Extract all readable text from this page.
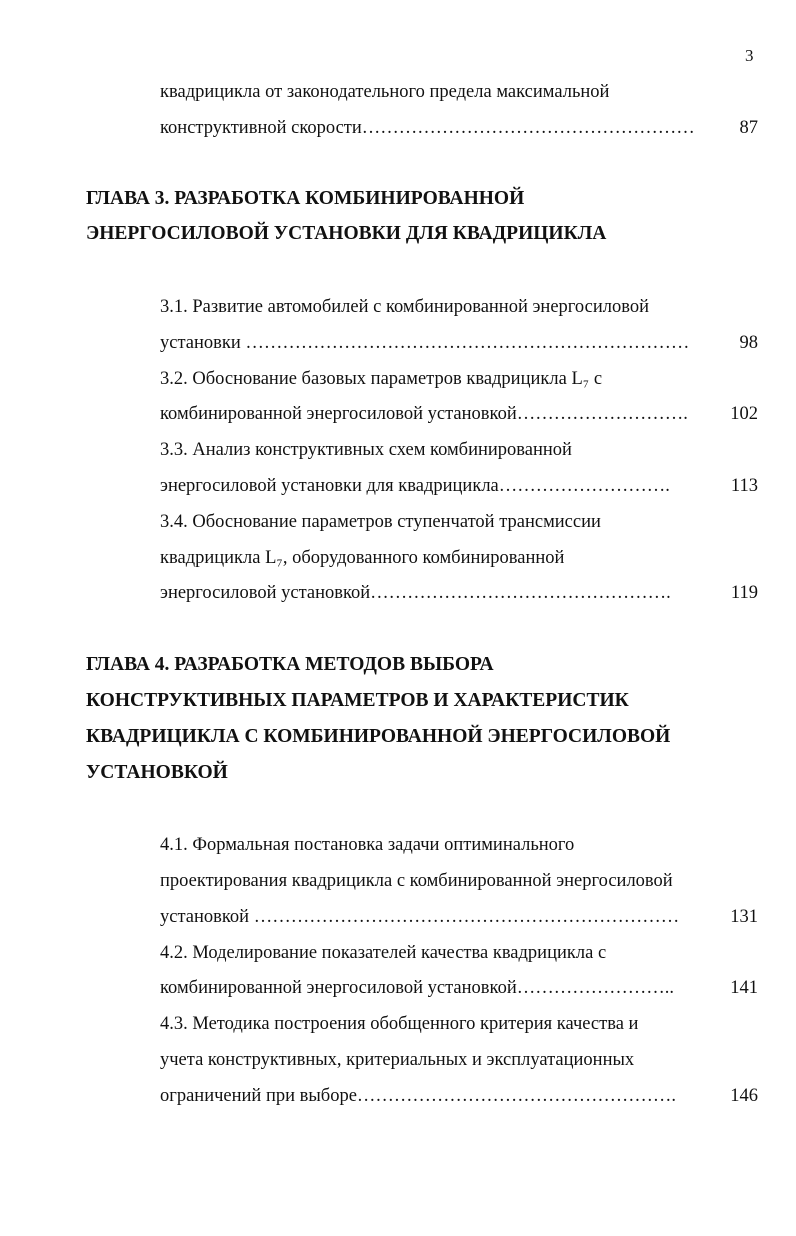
3
квадрицикла от законодательного предела максимальной
конструктивной скорости……………………………………………… 87
ГЛАВА 3. РАЗРАБОТКА КОМБИНИРОВАННОЙ
ЭНЕРГОСИЛОВОЙ УСТАНОВКИ ДЛЯ КВАДРИЦИКЛА
3.1. Развитие автомобилей с комбинированной энергосиловой
установки ………………………………………………………………	98
3.2. Обоснование базовых параметров квадрицикла L₇ с
комбинированной энергосиловой установкой………………………. 102
3.3. Анализ конструктивных схем комбинированной
энергосиловой установки для квадрицикла……………………….	113
3.4. Обоснование параметров ступенчатой трансмиссии
квадрицикла L₇, оборудованного комбинированной
энергосиловой установкой………………………………………….	119
ГЛАВА 4. РАЗРАБОТКА МЕТОДОВ ВЫБОРА
КОНСТРУКТИВНЫХ ПАРАМЕТРОВ И ХАРАКТЕРИСТИК
КВАДРИЦИКЛА С КОМБИНИРОВАННОЙ ЭНЕРГОСИЛОВОЙ
УСТАНОВКОЙ
4.1. Формальная постановка задачи оптиминального
проектирования квадрицикла с комбинированной энергосиловой
установкой ……………………………………………………………	131
4.2. Моделирование показателей качества квадрицикла с
комбинированной энергосиловой установкой……………………..	141
4.3. Методика построения обобщенного критерия качества и
учета конструктивных, критериальных и эксплуатационных
ограничений при выборе…………………………………………….	146
